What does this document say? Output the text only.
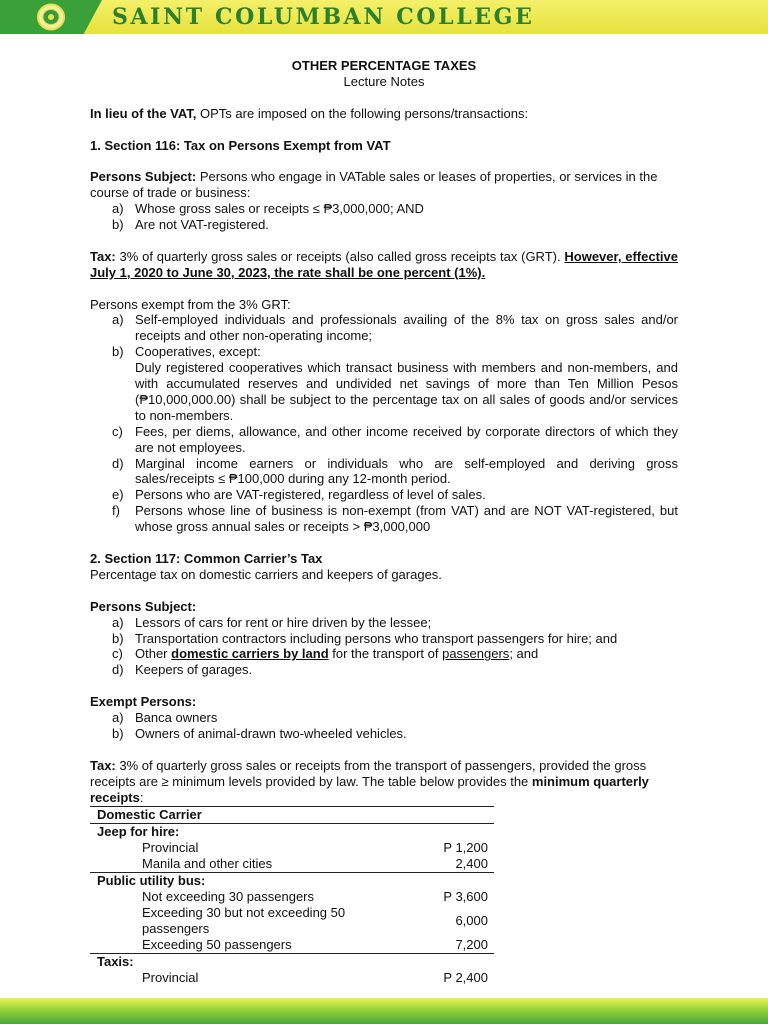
SAINT COLUMBAN COLLEGE
OTHER PERCENTAGE TAXES
Lecture Notes
In lieu of the VAT, OPTs are imposed on the following persons/transactions:
1. Section 116: Tax on Persons Exempt from VAT
Persons Subject: Persons who engage in VATable sales or leases of properties, or services in the course of trade or business:
a) Whose gross sales or receipts ≤ ₱3,000,000; AND
b) Are not VAT-registered.
Tax: 3% of quarterly gross sales or receipts (also called gross receipts tax (GRT). However, effective July 1, 2020 to June 30, 2023, the rate shall be one percent (1%).
Persons exempt from the 3% GRT:
a) Self-employed individuals and professionals availing of the 8% tax on gross sales and/or receipts and other non-operating income;
b) Cooperatives, except:
Duly registered cooperatives which transact business with members and non-members, and with accumulated reserves and undivided net savings of more than Ten Million Pesos (₱10,000,000.00) shall be subject to the percentage tax on all sales of goods and/or services to non-members.
c) Fees, per diems, allowance, and other income received by corporate directors of which they are not employees.
d) Marginal income earners or individuals who are self-employed and deriving gross sales/receipts ≤ ₱100,000 during any 12-month period.
e) Persons who are VAT-registered, regardless of level of sales.
f) Persons whose line of business is non-exempt (from VAT) and are NOT VAT-registered, but whose gross annual sales or receipts > ₱3,000,000
2. Section 117: Common Carrier’s Tax
Percentage tax on domestic carriers and keepers of garages.
Persons Subject:
a) Lessors of cars for rent or hire driven by the lessee;
b) Transportation contractors including persons who transport passengers for hire; and
c) Other domestic carriers by land for the transport of passengers; and
d) Keepers of garages.
Exempt Persons:
a) Banca owners
b) Owners of animal-drawn two-wheeled vehicles.
Tax: 3% of quarterly gross sales or receipts from the transport of passengers, provided the gross receipts are ≥ minimum levels provided by law. The table below provides the minimum quarterly receipts:
Domestic Carrier	
Jeep for hire:	
Provincial	P 1,200
Manila and other cities	2,400
Public utility bus:	
Not exceeding 30 passengers	P 3,600
Exceeding 30 but not exceeding 50 passengers	6,000
Exceeding 50 passengers	7,200
Taxis:	
Provincial	P 2,400
